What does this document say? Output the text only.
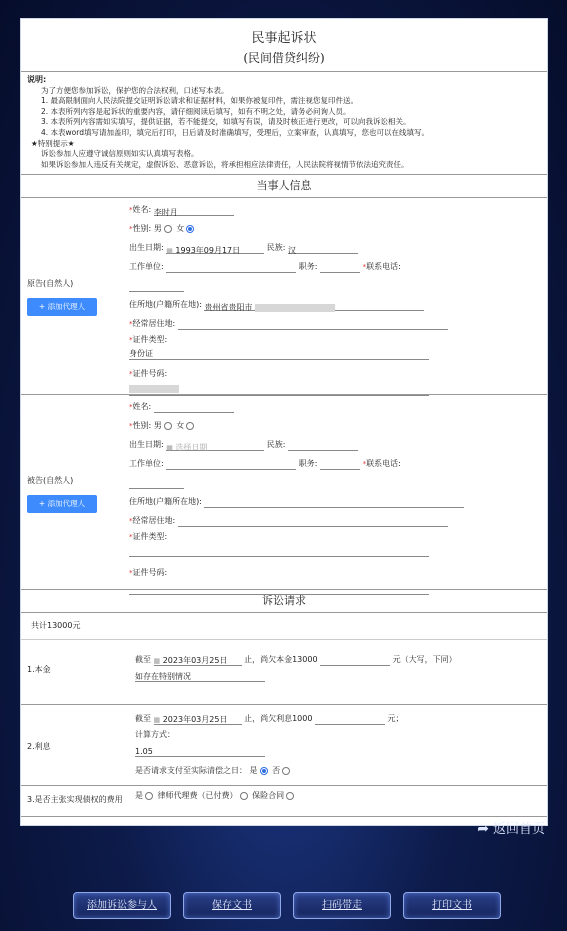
民事起诉状
(民间借贷纠纷)
说明:

为了方便您参加诉讼，保护您的合法权利，口述写本表。

1. 最高限制面向人民法院提交证明诉讼请求和证据材料，如果你被复印件，需注视您复印件送。

2. 本表所列内容是起诉状的重要内容，请仔细阅读后填写，如有不明之处，请务必问询人员。

3. 本表所列内容需如实填写，提供证据，若不能提交，如填写有误，请及时核正进行更改，可以向我诉讼相关。

4. 本表word填写请加盖印，填完后打印，日后请及时准确填写，受理后，立案审查，认真填写，您也可以在线填写。

★特别提示★

诉讼参加人应遵守诚信原则如实认真填写表格。

如果诉讼参加人违反有关规定，虚假诉讼、恶意诉讼，将承担相应法律责任，人民法院将视情节依法追究责任。

当事人信息
原告(自然人)
+ 添加代理人
*姓名: 李时月
*性别: 男 女
出生日期: ▦ 1993年09月17日	民族: 汉
工作单位:	职务:	*联系电话:
住所地(户籍所在地): 贵州省贵阳市
*经常居住地:
*证件类型:
身份证
*证件号码:
被告(自然人)
+ 添加代理人
*姓名:
*性别: 男 女
出生日期: ▦ 选择日期	民族:
工作单位:	职务:	*联系电话:
住所地(户籍所在地):
*经常居住地:
*证件类型:
*证件号码:
诉讼请求
共计13000元
1.本金
截至 ▦ 2023年03月25日 止，尚欠本金13000	元（大写，下同）
如存在特别情况
2.利息
截至 ▦ 2023年03月25日 止，尚欠利息1000	元；
计算方式：
1.05
是否请求支付至实际清偿之日： 是 否
3.是否主张实现债权的费用 是 律师代理费（已付费） 保险合同
➦ 返回首页
添加诉讼参与人	保存文书	扫码带走	打印文书
